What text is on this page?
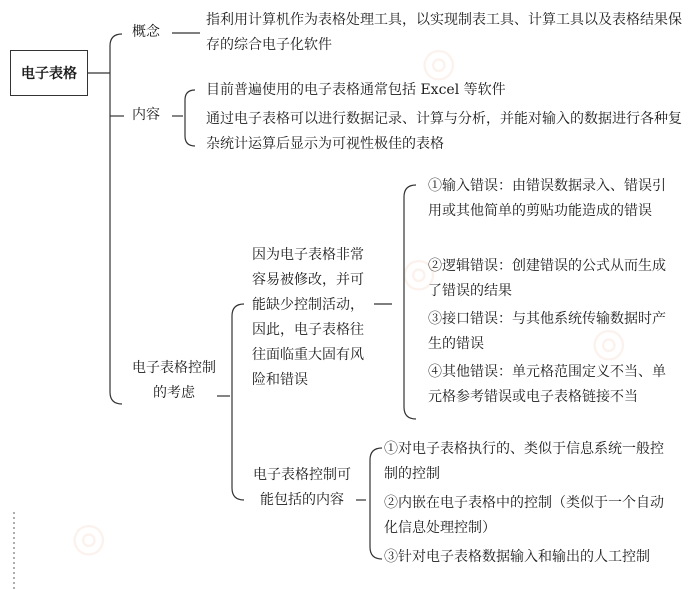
◎
◎
◎
◎
电子表格

概念

指利用计算机作为表格处理工具，以实现制表工具、计算工具以及表格结果保存的综合电子化软件

内容

目前普遍使用的电子表格通常包括 Excel 等软件

通过电子表格可以进行数据记录、计算与分析，并能对输入的数据进行各种复杂统计运算后显示为可视性极佳的表格

电子表格控制的考虑

因为电子表格非常容易被修改，并可能缺少控制活动，因此，电子表格往往面临重大固有风险和错误

①输入错误：由错误数据录入、错误引用或其他简单的剪贴功能造成的错误

②逻辑错误：创建错误的公式从而生成了错误的结果

③接口错误：与其他系统传输数据时产生的错误

④其他错误：单元格范围定义不当、单元格参考错误或电子表格链接不当

电子表格控制可能包括的内容

①对电子表格执行的、类似于信息系统一般控制的控制

②内嵌在电子表格中的控制（类似于一个自动化信息处理控制）

③针对电子表格数据输入和输出的人工控制
